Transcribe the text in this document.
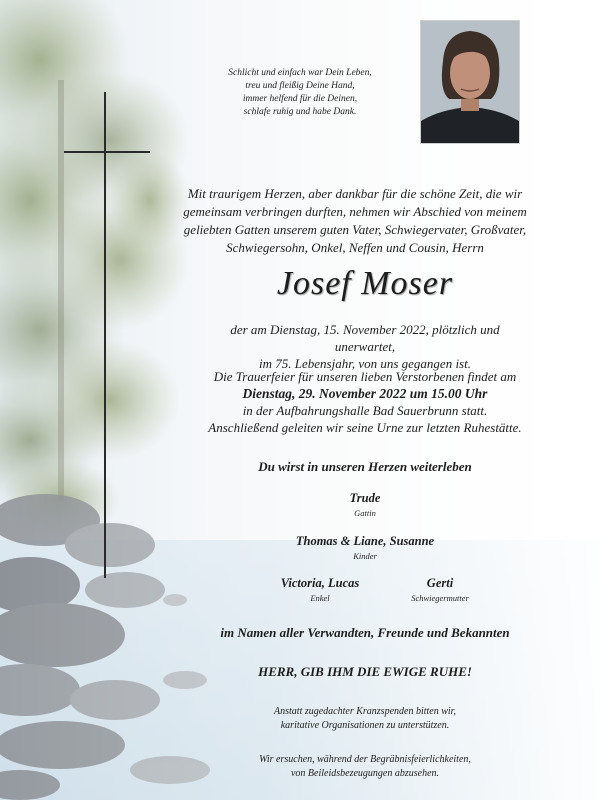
Schlicht und einfach war Dein Leben,
treu und fleißig Deine Hand,
immer helfend für die Deinen,
schlafe ruhig und habe Dank.
Mit traurigem Herzen, aber dankbar für die schöne Zeit, die wir
gemeinsam verbringen durften, nehmen wir Abschied von meinem
geliebten Gatten unserem guten Vater, Schwiegervater, Großvater,
Schwiegersohn, Onkel, Neffen und Cousin, Herrn
Josef Moser
der am Dienstag, 15. November 2022, plötzlich und unerwartet,
im 75. Lebensjahr, von uns gegangen ist.
Die Trauerfeier für unseren lieben Verstorbenen findet am
Dienstag, 29. November 2022 um 15.00 Uhr
in der Aufbahrungshalle Bad Sauerbrunn statt.
Anschließend geleiten wir seine Urne zur letzten Ruhestätte.
Du wirst in unseren Herzen weiterleben
Trude
Gattin
Thomas & Liane, Susanne
Kinder
Victoria, Lucas
Enkel
Gerti
Schwiegermutter
im Namen aller Verwandten, Freunde und Bekannten
HERR, GIB IHM DIE EWIGE RUHE!
Anstatt zugedachter Kranzspenden bitten wir,
karitative Organisationen zu unterstützen.
Wir ersuchen, während der Begräbnisfeierlichkeiten,
von Beileidsbezeugungen abzusehen.
